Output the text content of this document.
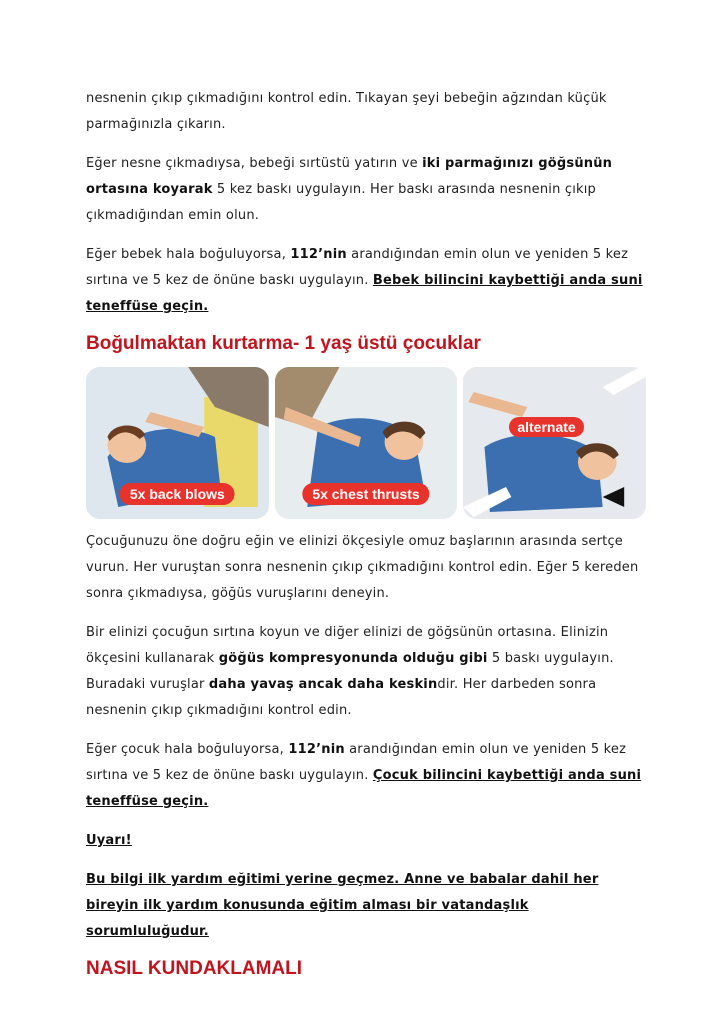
nesnenin çıkıp çıkmadığını kontrol edin. Tıkayan şeyi bebeğin ağzından küçük parmağınızla çıkarın.

Eğer nesne çıkmadıysa, bebeği sırtüstü yatırın ve iki parmağınızı göğsünün ortasına koyarak 5 kez baskı uygulayın. Her baskı arasında nesnenin çıkıp çıkmadığından emin olun.

Eğer bebek hala boğuluyorsa, 112’nin arandığından emin olun ve yeniden 5 kez sırtına ve 5 kez de önüne baskı uygulayın. Bebek bilincini kaybettiği anda suni teneffüse geçin.

Boğulmaktan kurtarma- 1 yaş üstü çocuklar
5x back blows	5x chest thrusts
alternate

Çocuğunuzu öne doğru eğin ve elinizi ökçesiyle omuz başlarının arasında sertçe vurun. Her vuruştan sonra nesnenin çıkıp çıkmadığını kontrol edin. Eğer 5 kereden sonra çıkmadıysa, göğüs vuruşlarını deneyin.

Bir elinizi çocuğun sırtına koyun ve diğer elinizi de göğsünün ortasına. Elinizin ökçesini kullanarak göğüs kompresyonunda olduğu gibi 5 baskı uygulayın. Buradaki vuruşlar daha yavaş ancak daha keskindir. Her darbeden sonra nesnenin çıkıp çıkmadığını kontrol edin.

Eğer çocuk hala boğuluyorsa, 112’nin arandığından emin olun ve yeniden 5 kez sırtına ve 5 kez de önüne baskı uygulayın. Çocuk bilincini kaybettiği anda suni teneffüse geçin.

Uyarı!

Bu bilgi ilk yardım eğitimi yerine geçmez. Anne ve babalar dahil her bireyin ilk yardım konusunda eğitim alması bir vatandaşlık sorumluluğudur.

NASIL KUNDAKLAMALI
